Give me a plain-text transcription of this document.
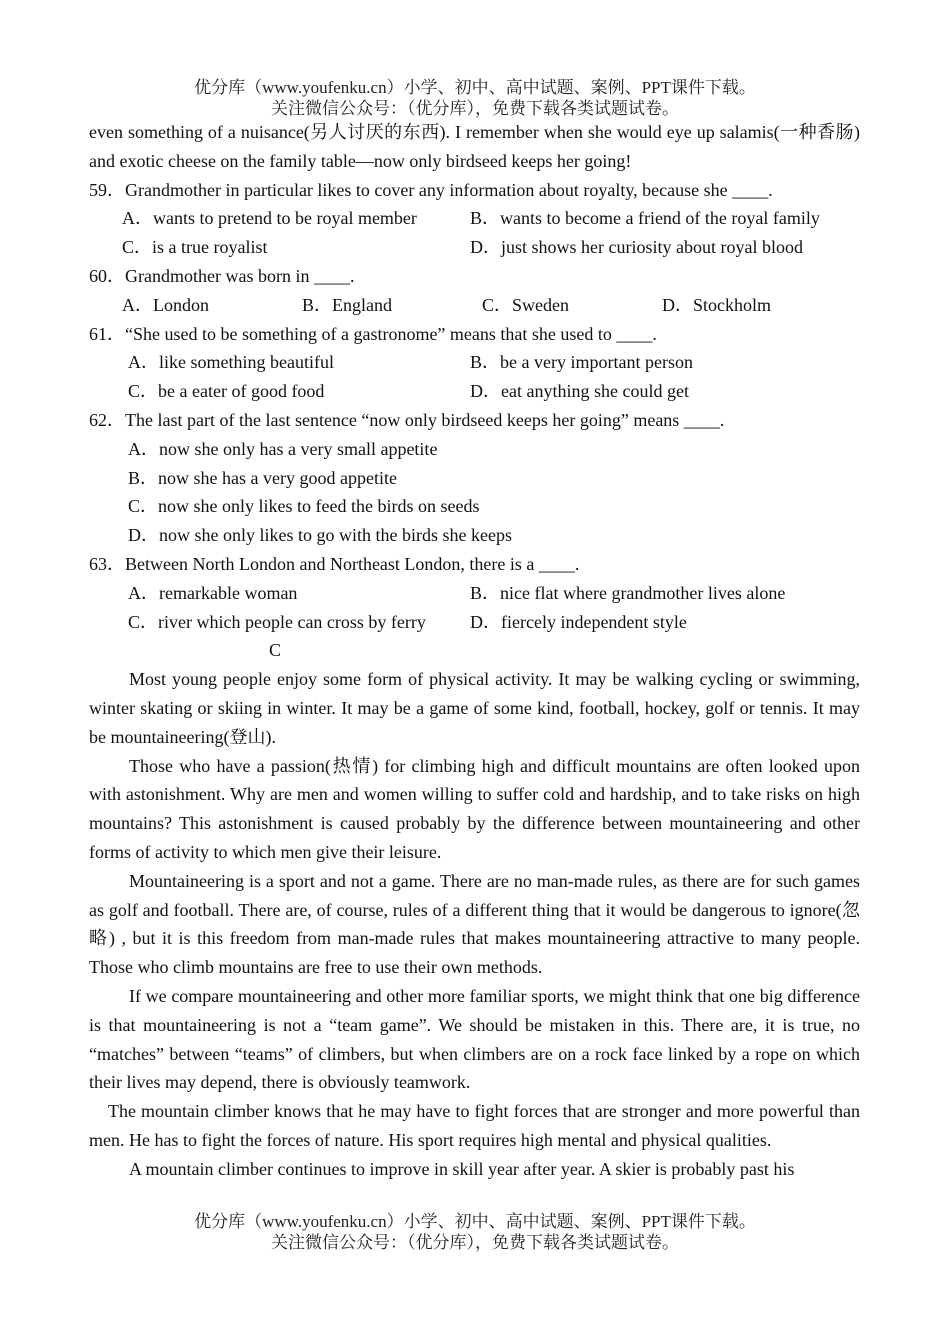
优分库（www.youfenku.cn）小学、初中、高中试题、案例、PPT课件下载。
关注微信公众号：（优分库），免费下载各类试题试卷。

even something of a nuisance(另人讨厌的东西). I remember when she would eye up salamis(一种香肠) and exotic cheese on the family table—now only birdseed keeps her going!

59．Grandmother in particular likes to cover any information about royalty, because she ____.
A．wants to pretend to be royal member	B．wants to become a friend of the royal family
C．is a true royalist	D．just shows her curiosity about royal blood
60．Grandmother was born in ____.
A．London	B．England	C．Sweden	D．Stockholm
61．“She used to be something of a gastronome” means that she used to ____.
A．like something beautiful	B．be a very important person
C．be a eater of good food	D．eat anything she could get
62．The last part of the last sentence “now only birdseed keeps her going” means ____.
A．now she only has a very small appetite
B．now she has a very good appetite
C．now she only likes to feed the birds on seeds
D．now she only likes to go with the birds she keeps
63．Between North London and Northeast London, there is a ____.
A．remarkable woman	B．nice flat where grandmother lives alone
C．river which people can cross by ferry	D．fiercely independent style

C

Most young people enjoy some form of physical activity. It may be walking cycling or swimming, winter skating or skiing in winter. It may be a game of some kind, football, hockey, golf or tennis. It may be mountaineering(登山).

Those who have a passion(热情) for climbing high and difficult mountains are often looked upon with astonishment. Why are men and women willing to suffer cold and hardship, and to take risks on high mountains? This astonishment is caused probably by the difference between mountaineering and other forms of activity to which men give their leisure.

Mountaineering is a sport and not a game. There are no man-made rules, as there are for such games as golf and football. There are, of course, rules of a different thing that it would be dangerous to ignore(忽略) , but it is this freedom from man-made rules that makes mountaineering attractive to many people. Those who climb mountains are free to use their own methods.

If we compare mountaineering and other more familiar sports, we might think that one big difference is that mountaineering is not a “team game”. We should be mistaken in this. There are, it is true, no “matches” between “teams” of climbers, but when climbers are on a rock face linked by a rope on which their lives may depend, there is obviously teamwork.

The mountain climber knows that he may have to fight forces that are stronger and more powerful than men. He has to fight the forces of nature. His sport requires high mental and physical qualities.

A mountain climber continues to improve in skill year after year. A skier is probably past his

优分库（www.youfenku.cn）小学、初中、高中试题、案例、PPT课件下载。
关注微信公众号：（优分库），免费下载各类试题试卷。
